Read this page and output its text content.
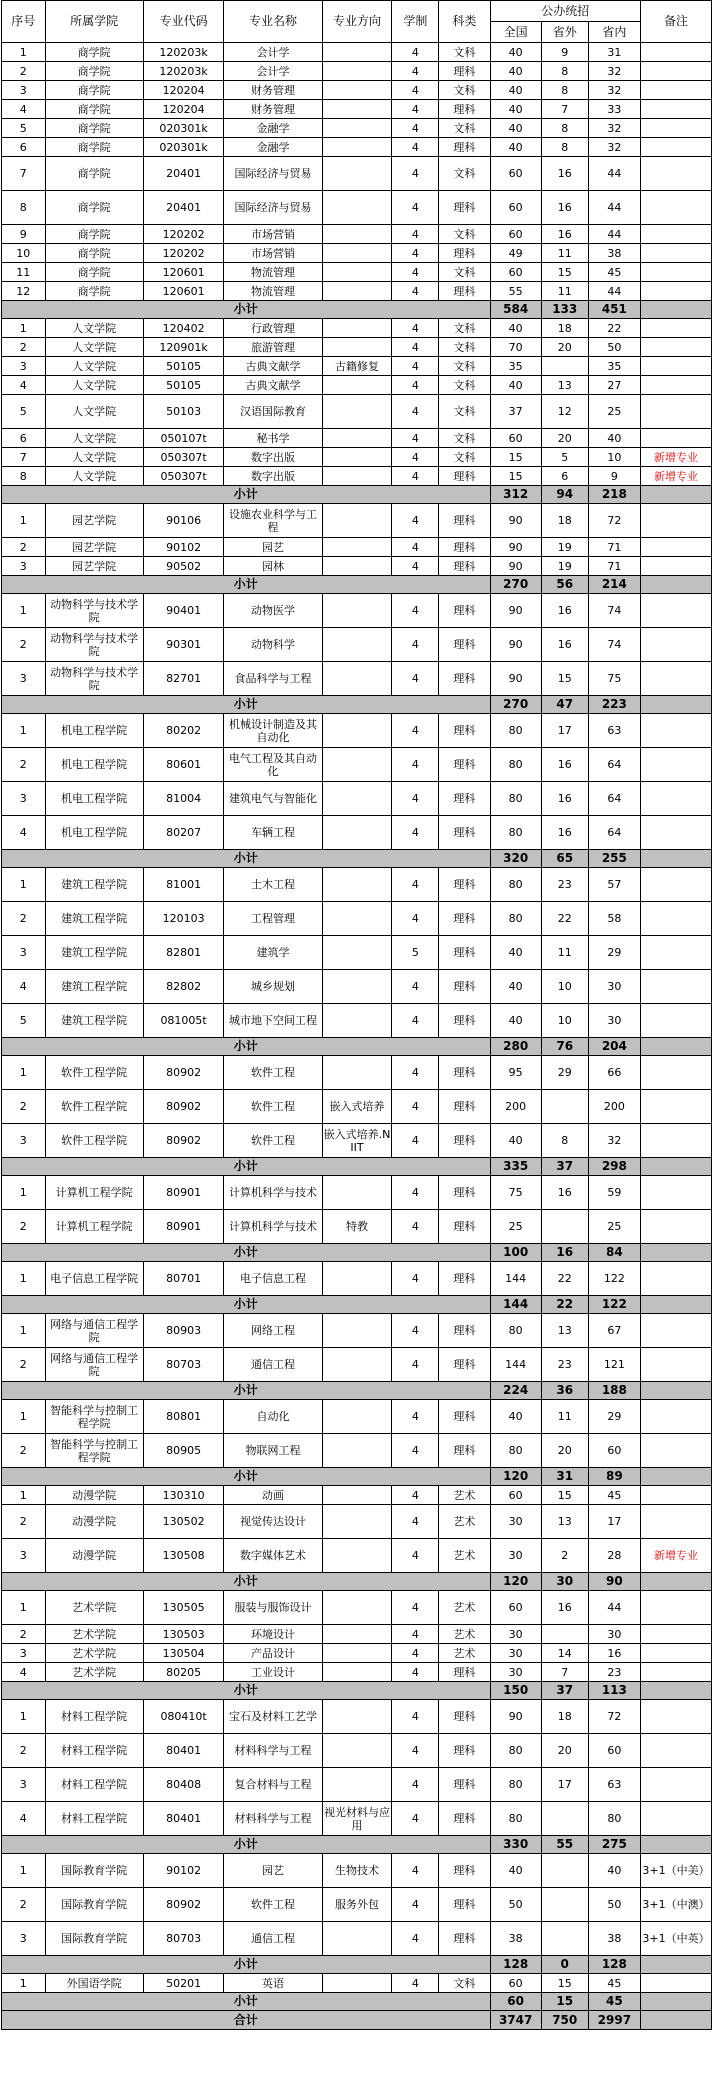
序号	所属学院	专业代码	专业名称	专业方向	学制	科类	公办统招			备注
							全国	省外	省内	
1	商学院	120203k	会计学		4	文科	40	9	31	
2	商学院	120203k	会计学		4	理科	40	8	32	
3	商学院	120204	财务管理		4	文科	40	8	32	
4	商学院	120204	财务管理		4	理科	40	7	33	
5	商学院	020301k	金融学		4	文科	40	8	32	
6	商学院	020301k	金融学		4	理科	40	8	32	
7	商学院	20401	国际经济与贸易		4	文科	60	16	44	
8	商学院	20401	国际经济与贸易		4	理科	60	16	44	
9	商学院	120202	市场营销		4	文科	60	16	44	
10	商学院	120202	市场营销		4	理科	49	11	38	
11	商学院	120601	物流管理		4	文科	60	15	45	
12	商学院	120601	物流管理		4	理科	55	11	44	
小计							584	133	451	
1	人文学院	120402	行政管理		4	文科	40	18	22	
2	人文学院	120901k	旅游管理		4	文科	70	20	50	
3	人文学院	50105	古典文献学	古籍修复	4	文科	35		35	
4	人文学院	50105	古典文献学		4	文科	40	13	27	
5	人文学院	50103	汉语国际教育		4	文科	37	12	25	
6	人文学院	050107t	秘书学		4	文科	60	20	40	
7	人文学院	050307t	数字出版		4	文科	15	5	10	新增专业
8	人文学院	050307t	数字出版		4	理科	15	6	9	新增专业
小计							312	94	218	
1	园艺学院	90106	设施农业科学与工程		4	理科	90	18	72	
2	园艺学院	90102	园艺		4	理科	90	19	71	
3	园艺学院	90502	园林		4	理科	90	19	71	
小计							270	56	214	
1	动物科学与技术学院	90401	动物医学		4	理科	90	16	74	
2	动物科学与技术学院	90301	动物科学		4	理科	90	16	74	
3	动物科学与技术学院	82701	食品科学与工程		4	理科	90	15	75	
小计							270	47	223	
1	机电工程学院	80202	机械设计制造及其自动化		4	理科	80	17	63	
2	机电工程学院	80601	电气工程及其自动化		4	理科	80	16	64	
3	机电工程学院	81004	建筑电气与智能化		4	理科	80	16	64	
4	机电工程学院	80207	车辆工程		4	理科	80	16	64	
小计							320	65	255	
1	建筑工程学院	81001	土木工程		4	理科	80	23	57	
2	建筑工程学院	120103	工程管理		4	理科	80	22	58	
3	建筑工程学院	82801	建筑学		5	理科	40	11	29	
4	建筑工程学院	82802	城乡规划		4	理科	40	10	30	
5	建筑工程学院	081005t	城市地下空间工程		4	理科	40	10	30	
小计							280	76	204	
1	软件工程学院	80902	软件工程		4	理科	95	29	66	
2	软件工程学院	80902	软件工程	嵌入式培养	4	理科	200		200	
3	软件工程学院	80902	软件工程	嵌入式培养.NIIT	4	理科	40	8	32	
小计							335	37	298	
1	计算机工程学院	80901	计算机科学与技术		4	理科	75	16	59	
2	计算机工程学院	80901	计算机科学与技术	特教	4	理科	25		25	
小计							100	16	84	
1	电子信息工程学院	80701	电子信息工程		4	理科	144	22	122	
小计							144	22	122	
1	网络与通信工程学院	80903	网络工程		4	理科	80	13	67	
2	网络与通信工程学院	80703	通信工程		4	理科	144	23	121	
小计							224	36	188	
1	智能科学与控制工程学院	80801	自动化		4	理科	40	11	29	
2	智能科学与控制工程学院	80905	物联网工程		4	理科	80	20	60	
小计							120	31	89	
1	动漫学院	130310	动画		4	艺术	60	15	45	
2	动漫学院	130502	视觉传达设计		4	艺术	30	13	17	
3	动漫学院	130508	数字媒体艺术		4	艺术	30	2	28	新增专业
小计							120	30	90	
1	艺术学院	130505	服装与服饰设计		4	艺术	60	16	44	
2	艺术学院	130503	环境设计		4	艺术	30		30	
3	艺术学院	130504	产品设计		4	艺术	30	14	16	
4	艺术学院	80205	工业设计		4	理科	30	7	23	
小计							150	37	113	
1	材料工程学院	080410t	宝石及材料工艺学		4	理科	90	18	72	
2	材料工程学院	80401	材料科学与工程		4	理科	80	20	60	
3	材料工程学院	80408	复合材料与工程		4	理科	80	17	63	
4	材料工程学院	80401	材料科学与工程	视光材料与应用	4	理科	80		80	
小计							330	55	275	
1	国际教育学院	90102	园艺	生物技术	4	理科	40		40	3+1（中美）
2	国际教育学院	80902	软件工程	服务外包	4	理科	50		50	3+1（中澳）
3	国际教育学院	80703	通信工程		4	理科	38		38	3+1（中英）
小计							128	0	128	
1	外国语学院	50201	英语		4	文科	60	15	45	
小计							60	15	45	
合计							3747	750	2997	
